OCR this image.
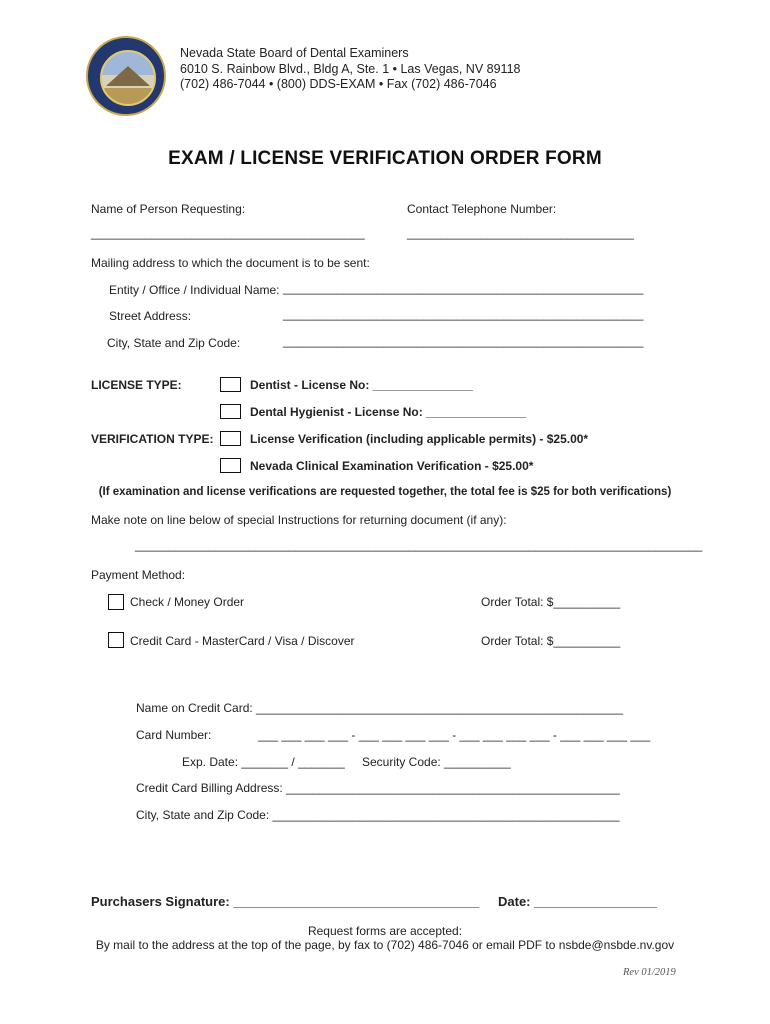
Nevada State Board of Dental Examiners
6010 S. Rainbow Blvd., Bldg A, Ste. 1 • Las Vegas, NV 89118
(702) 486-7044 • (800) DDS-EXAM • Fax (702) 486-7046
EXAM / LICENSE VERIFICATION ORDER FORM
Name of Person Requesting:	Contact Telephone Number:
_________________________________________	__________________________________
Mailing address to which the document is to be sent:
Entity / Office / Individual Name: ______________________________________________________
Street Address:	______________________________________________________
City, State and Zip Code:	______________________________________________________
LICENSE TYPE:	Dentist - License No: _______________
Dental Hygienist - License No: _______________
VERIFICATION TYPE:	License Verification (including applicable permits) - $25.00*
Nevada Clinical Examination Verification - $25.00*
(If examination and license verifications are requested together, the total fee is $25 for both verifications)
Make note on line below of special Instructions for returning document (if any):
_____________________________________________________________________________________
Payment Method:
Check / Money Order	Order Total: $__________
Credit Card - MasterCard / Visa / Discover	Order Total: $__________
Name on Credit Card: _______________________________________________________
Card Number:	___ ___ ___ ___ - ___ ___ ___ ___ - ___ ___ ___ ___ - ___ ___ ___ ___
Exp. Date: _______ / _______ Security Code: __________
Credit Card Billing Address: __________________________________________________
City, State and Zip Code: ____________________________________________________
Purchasers Signature: __________________________________ Date: _________________
Request forms are accepted:
By mail to the address at the top of the page, by fax to (702) 486-7046 or email PDF to nsbde@nsbde.nv.gov
Rev 01/2019
